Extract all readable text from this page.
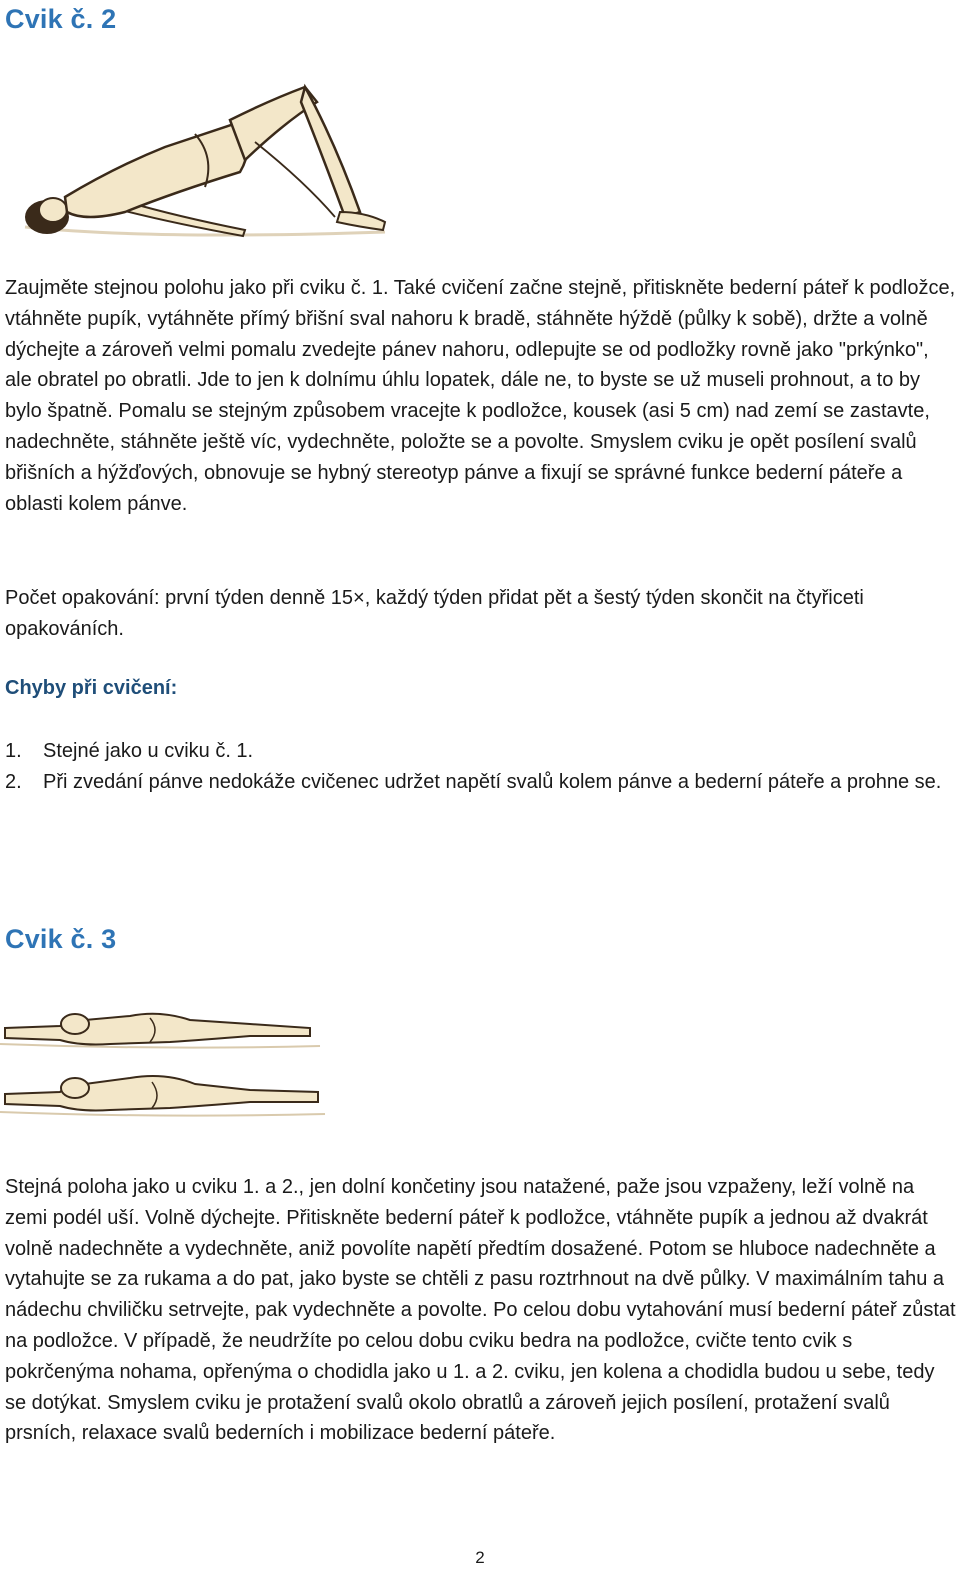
Cvik č. 2

Zaujměte stejnou polohu jako při cviku č. 1. Také cvičení začne stejně, přitiskněte bederní páteř k podložce, vtáhněte pupík, vytáhněte přímý břišní sval nahoru k bradě, stáhněte hýždě (půlky k sobě), držte a volně dýchejte a zároveň velmi pomalu zvedejte pánev nahoru, odlepujte se od podložky rovně jako "prkýnko", ale obratel po obratli. Jde to jen k dolnímu úhlu lopatek, dále ne, to byste se už museli prohnout, a to by bylo špatně. Pomalu se stejným způsobem vracejte k podložce, kousek (asi 5 cm) nad zemí se zastavte, nadechněte, stáhněte ještě víc, vydechněte, položte se a povolte. Smyslem cviku je opět posílení svalů břišních a hýžďových, obnovuje se hybný stereotyp pánve a fixují se správné funkce bederní páteře a oblasti kolem pánve.

Počet opakování: první týden denně 15×, každý týden přidat pět a šestý týden skončit na čtyřiceti opakováních.

Chyby při cvičení:
1. Stejné jako u cviku č. 1.
2. Při zvedání pánve nedokáže cvičenec udržet napětí svalů kolem pánve a bederní páteře a prohne se.
Cvik č. 3

Stejná poloha jako u cviku 1. a 2., jen dolní končetiny jsou natažené, paže jsou vzpaženy, leží volně na zemi podél uší. Volně dýchejte. Přitiskněte bederní páteř k podložce, vtáhněte pupík a jednou až dvakrát volně nadechněte a vydechněte, aniž povolíte napětí předtím dosažené. Potom se hluboce nadechněte a vytahujte se za rukama a do pat, jako byste se chtěli z pasu roztrhnout na dvě půlky. V maximálním tahu a nádechu chviličku setrvejte, pak vydechněte a povolte. Po celou dobu vytahování musí bederní páteř zůstat na podložce. V případě, že neudržíte po celou dobu cviku bedra na podložce, cvičte tento cvik s pokrčenýma nohama, opřenýma o chodidla jako u 1. a 2. cviku, jen kolena a chodidla budou u sebe, tedy se dotýkat. Smyslem cviku je protažení svalů okolo obratlů a zároveň jejich posílení, protažení svalů prsních, relaxace svalů bederních i mobilizace bederní páteře.

2
